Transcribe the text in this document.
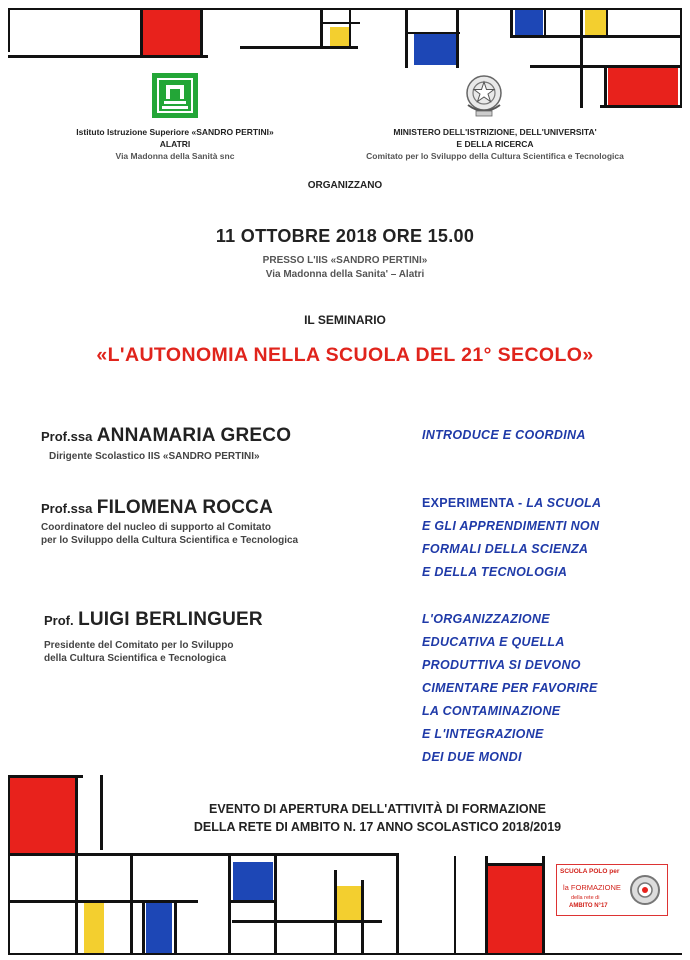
Istituto Istruzione Superiore «SANDRO PERTINI»
ALATRI
Via Madonna della Sanità snc
MINISTERO DELL'ISTRIZIONE, DELL'UNIVERSITA'
E DELLA RICERCA
Comitato per lo Sviluppo della Cultura Scientifica e Tecnologica
ORGANIZZANO
11 OTTOBRE 2018 ORE 15.00
PRESSO L'IIS «SANDRO PERTINI»
Via Madonna della Sanita' – Alatri
IL SEMINARIO
«L'AUTONOMIA NELLA SCUOLA DEL 21° SECOLO»
Prof.ssa ANNAMARIA GRECO
Dirigente Scolastico IIS «SANDRO PERTINI»
INTRODUCE E COORDINA
Prof.ssa FILOMENA ROCCA
Coordinatore del nucleo di supporto al Comitato
per lo Sviluppo della Cultura Scientifica e Tecnologica
EXPERIMENTA - LA SCUOLA
E GLI APPRENDIMENTI NON
FORMALI DELLA SCIENZA
E DELLA TECNOLOGIA
Prof. LUIGI BERLINGUER
Presidente del Comitato per lo Sviluppo
della Cultura Scientifica e Tecnologica
L'ORGANIZZAZIONE
EDUCATIVA E QUELLA
PRODUTTIVA SI DEVONO
CIMENTARE PER FAVORIRE
LA CONTAMINAZIONE
E L'INTEGRAZIONE
DEI DUE MONDI
EVENTO DI APERTURA DELL'ATTIVITÀ DI FORMAZIONE
DELLA RETE DI AMBITO N. 17 ANNO SCOLASTICO 2018/2019
SCUOLA POLO per
la FORMAZIONE
della rete di
AMBITO N°17
